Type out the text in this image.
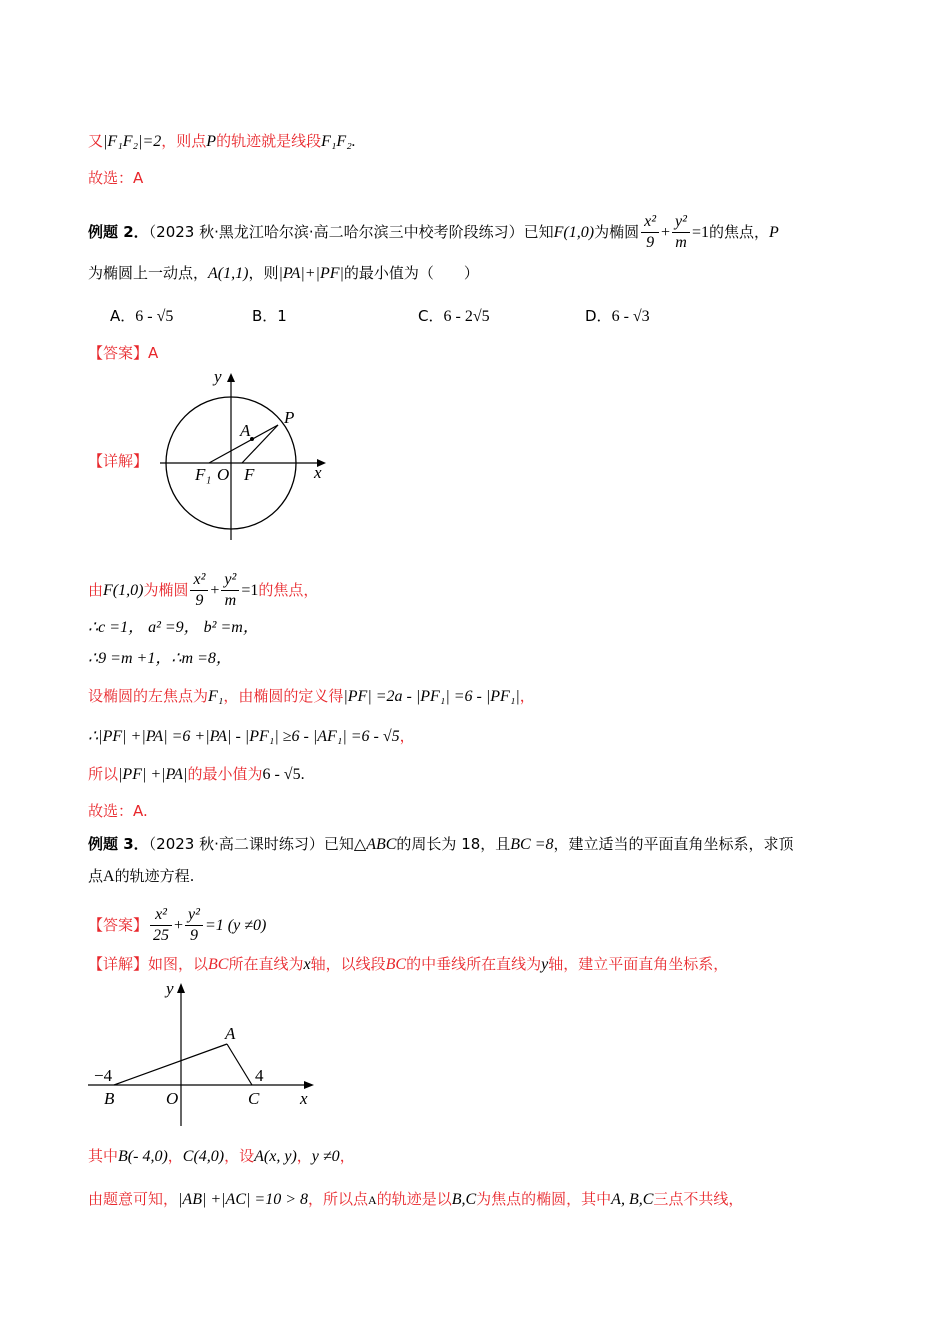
又|F₁F₂|=2，则点P的轨迹就是线段F₁F₂.
故选：A
例题 2．（2023 秋·黑龙江哈尔滨·高二哈尔滨三中校考阶段练习）已知F(1,0)为椭圆 $\frac{\text{x²}}{9} + \frac{\text{y²}}{m} =1$的焦点，P
为椭圆上一动点，A(1,1)，则|PA|+|PF|的最小值为（　　）
A．6 - √5	B．1	C．6 - 2√5	D．6 - √3
【答案】A
【详解】
y
x
P
A
F₁ O F
由F(1,0)为椭圆 $\frac{\text{x²}}{9} + \frac{\text{y²}}{m} =1$的焦点，
∴c =1， a² =9， b² =m，
∴9 =m +1，∴m =8，
设椭圆的左焦点为F₁，由椭圆的定义得|PF| =2a - |PF₁| =6 - |PF₁|，
∴|PF| +|PA| =6 +|PA| - |PF₁| ≥6 - |AF₁| =6 - √5，
所以|PF| +|PA|的最小值为6 - √5.
故选：A.
例题 3．（2023 秋·高二课时练习）已知△ABC的周长为 18，且BC =8，建立适当的平面直角坐标系，求顶
点A的轨迹方程.
【答案】 $\frac{\text{x²}}{25} + \frac{\text{y²}}{9} =1$ (y ≠0)
【详解】如图，以BC所在直线为x轴，以线段BC的中垂线所在直线为y轴，建立平面直角坐标系，
y
A
−4	4
B	O	C x
其中B(- 4,0)，C(4,0)，设A(x, y)，y ≠0，
由题意可知，|AB| +|AC| =10 > 8，所以点A的轨迹是以B,C为焦点的椭圆，其中A, B,C三点不共线，
